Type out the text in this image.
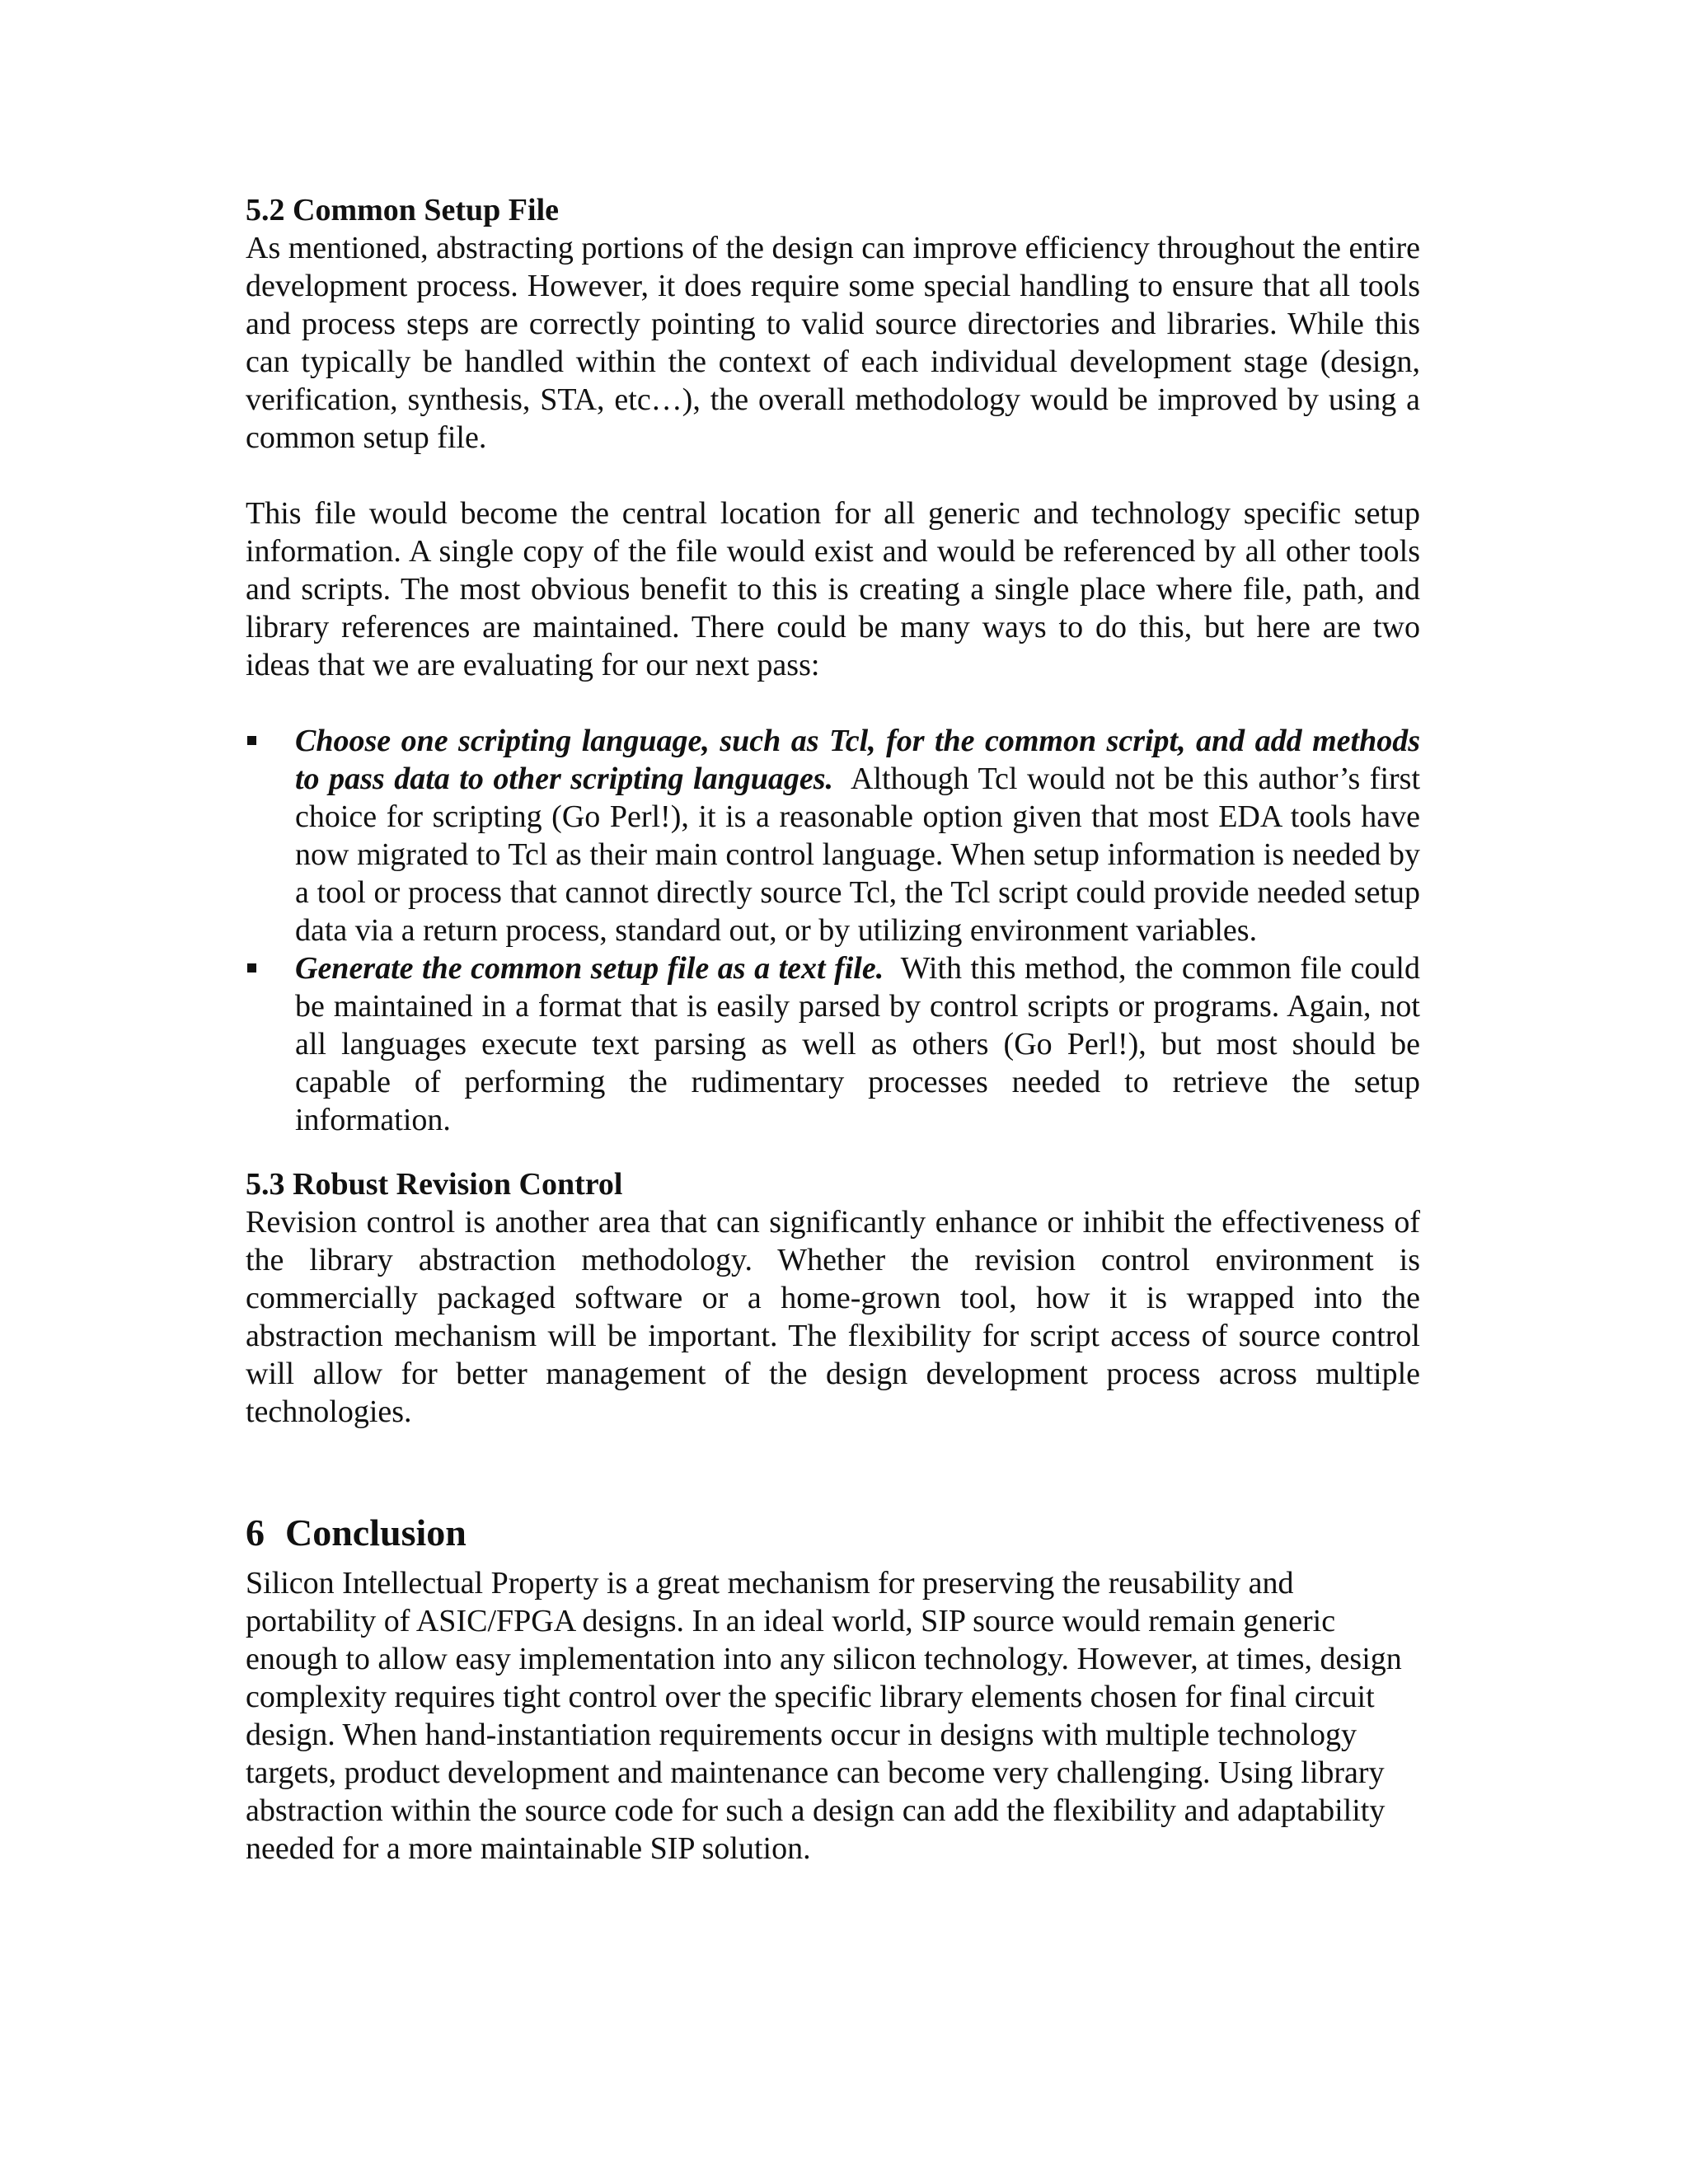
5.2 Common Setup File

As mentioned, abstracting portions of the design can improve efficiency throughout the entire development process. However, it does require some special handling to ensure that all tools and process steps are correctly pointing to valid source directories and libraries. While this can typically be handled within the context of each individual development stage (design, verification, synthesis, STA, etc…), the overall methodology would be improved by using a common setup file.

This file would become the central location for all generic and technology specific setup information. A single copy of the file would exist and would be referenced by all other tools and scripts. The most obvious benefit to this is creating a single place where file, path, and library references are maintained. There could be many ways to do this, but here are two ideas that we are evaluating for our next pass:

Choose one scripting language, such as Tcl, for the common script, and add methods to pass data to other scripting languages. Although Tcl would not be this author’s first choice for scripting (Go Perl!), it is a reasonable option given that most EDA tools have now migrated to Tcl as their main control language. When setup information is needed by a tool or process that cannot directly source Tcl, the Tcl script could provide needed setup data via a return process, standard out, or by utilizing environment variables.
Generate the common setup file as a text file. With this method, the common file could be maintained in a format that is easily parsed by control scripts or programs. Again, not all languages execute text parsing as well as others (Go Perl!), but most should be capable of performing the rudimentary processes needed to retrieve the setup information.
5.3 Robust Revision Control

Revision control is another area that can significantly enhance or inhibit the effectiveness of the library abstraction methodology. Whether the revision control environment is commercially packaged software or a home-grown tool, how it is wrapped into the abstraction mechanism will be important. The flexibility for script access of source control will allow for better management of the design development process across multiple technologies.

6 Conclusion

Silicon Intellectual Property is a great mechanism for preserving the reusability and portability of ASIC/FPGA designs. In an ideal world, SIP source would remain generic enough to allow easy implementation into any silicon technology. However, at times, design complexity requires tight control over the specific library elements chosen for final circuit design. When hand-instantiation requirements occur in designs with multiple technology targets, product development and maintenance can become very challenging. Using library abstraction within the source code for such a design can add the flexibility and adaptability needed for a more maintainable SIP solution.
